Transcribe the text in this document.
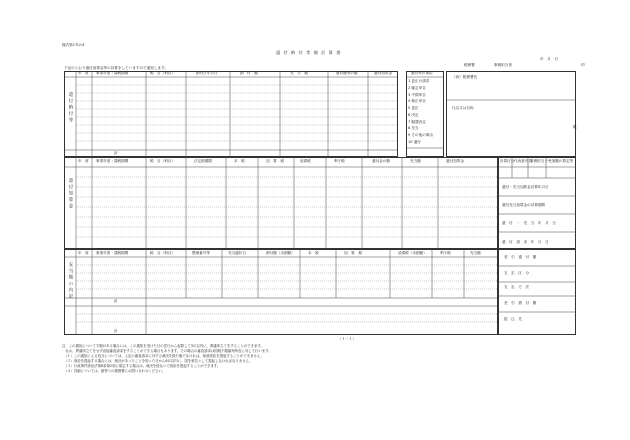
様式第1号の4
還 付 納 付 等 額 計 算 書
年　月　日
税務署	事務担当者	印
下記のとおり還付加算金等の計算をしていますので通知します。
還付納付等
年　度 事業年度・課税期間	税　目（科目）	納付日年月日	納　付　額	充　当　額	還付額等の額	還付加算金
計
還付等の事由
1 更正の請求
2 確定申告
3 中間申告
4 修正申告
5 更正
6 決定
7 賦課決定
8 充当
9 その他の事由
10 還付
（西）税務署長
氏名又は名称
殿
還付加算金
年　度 事業年度・課税期間	税　目（科目）	法定納期限	本　税	加　算　税	延滞税	利子税	還付金の額	充当額	還付加算金	計算区分 代表者氏名
事務担当コード
充当額の算定等
還付・充当加算金計算年月日
還付充当加算金の計算期間
還　付　・　充　当　年　月　日
還　付　請　求　年　月　日
充当額の内訳
年　度 事業年度・課税期間	税　目（科目）	整理番号等	充当適状日	納付額（未納額）	本　税	加　算　税	延滞税（未納額）	利子税	充当額
計
計
差　引　還　付　額
支　払　区　分
支　払　方　法
差　引　納　付　額
振　込　先
（１－１）
注　この通知について不服がある場合には、この通知を受けた日の翌日から起算して3月以内に、異議申立てをすることができます。
　なお、異議申立てをせず直接審査請求をすることができる場合もあります。その場合の審査請求は国税不服審判所長に対して行います。
　（１）この通知による処分については、上記の審査請求に対する裁決を経た後でなければ、取消訴訟を提起することができません。
　（２）訴訟を提起する場合には、裁決があったことを知った日から6月以内に、国を被告として提起しなければなりません。
　（３）行政事件訴訟法第8条第2項に規定する場合は、裁決を経ないで訴訟を提起することができます。
　（４）詳細については、最寄りの税務署にお問い合わせください。
